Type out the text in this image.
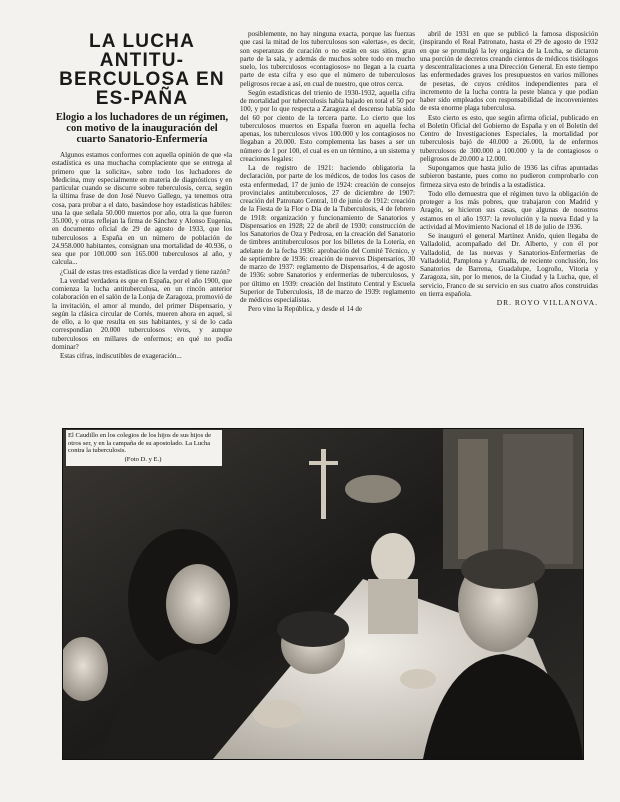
LA LUCHA ANTITU-BERCULOSA EN ES-PAÑA
Elogio a los luchadores de un régimen, con motivo de la inauguración del cuarto Sanatorio-Enfermería

Algunos estamos conformes con aquella opinión de que «la estadística es una muchacha complaciente que se entrega al primero que la solicita», sobre todo los luchadores de Medicina, muy especialmente en materia de diagnósticos y en particular cuando se discurre sobre tuberculosis, cerca, según la última frase de don José Nuevo Gallego, ya tenemos otra cosa, para probar a el dato, basándose hoy estadísticas hábiles: una la que señala 50.000 muertos por año, otra la que fueron 35.000, y otras reflejan la firma de Sánchez y Alonso Eugenia, en documento oficial de 29 de agosto de 1933, que los tuberculosos a España en un número de población de 24.958.000 habitantes, consignan una mortalidad de 40.936, o sea que por 100.000 son 165.000 tuberculosos al año, y calcula...

¿Cuál de estas tres estadísticas dice la verdad y tiene razón?

La verdad verdadera es que en España, por el año 1900, que comienza la lucha antituberculosa, en un rincón anterior colaboración en el salón de la Lonja de Zaragoza, promovió de la invitación, el amor al mundo, del primer Dispensario, y según la clásica circular de Cortés, mueren ahora en aquel, si de ello, a lo que resulta en sus habitantes, y si de lo cada correspondían 20.000 tuberculosos vivos, y aunque tuberculosos en millares de enfermos; en qué no podía dominar?

Estas cifras, indiscutibles de exageración...

posiblemente, no hay ninguna exacta, porque las fuerzas que casi la mitad de los tuberculosos son «alertas», es decir, son esperanzas de curación o no están en sus sitios, gran parte de la sala, y además de muchos sobre todo en mucho suelo, los tuberculosos «contagiosos» no llegan a la cuarta parte de esta cifra y eso que el número de tuberculosos peligrosos recae a así, en cual de nuestro, que otros cerca.

Según estadísticas del trienio de 1930-1932, aquella cifra de mortalidad por tuberculosis había bajado en total el 50 por 100, y por lo que respecta a Zaragoza el descenso había sido del 60 por ciento de la tercera parte. Lo cierto que los tuberculosos muertos en España fueron en aquella fecha apenas, los tuberculosos vivos 100.000 y los contagiosos no llegaban a 20.000. Esto complementa las bases a ser un número de 1 por 100, el cual es en un término, a un sistema y creaciones legales:

La de registro de 1921: haciendo obligatoria la declaración, por parte de los médicos, de todos los casos de esta enfermedad, 17 de junio de 1924: creación de consejos provinciales antituberculosos, 27 de diciembre de 1907: creación del Patronato Central, 10 de junio de 1912: creación de la Fiesta de la Flor o Día de la Tuberculosis, 4 de febrero de 1918: organización y funcionamiento de Sanatorios y Dispensarios en 1928; 22 de abril de 1930: construcción de los Sanatorios de Oza y Pedrosa, en la creación del Sanatorio de timbres antituberculosos por los billetes de la Lotería, en adelante de la fecha 1936: aprobación del Comité Técnico, y de septiembre de 1936: creación de nuevos Dispensarios, 30 de marzo de 1937: reglamento de Dispensarios, 4 de agosto de 1936: sobre Sanatorios y enfermerías de tuberculosos, y por último en 1939: creación del Instituto Central y Escuela Superior de Tuberculosis, 18 de marzo de 1939: reglamento de médicos especialistas.

Pero vino la República, y desde el 14 de

abril de 1931 en que se publicó la famosa disposición (inspirando el Real Patronato, hasta el 29 de agosto de 1932 en que se promulgó la ley orgánica de la Lucha, se dictaron una porción de decretos creando cientos de médicos tisiólogos y descentralizaciones a una Dirección General. En este tiempo las enfermedades graves los presupuestos en varios millones de pesetas, de cuyos créditos independientes para el incremento de la lucha contra la peste blanca y que podían haber sido empleados con responsabilidad de inconvenientes de esta enorme plaga tuberculosa.

Esto cierto es esto, que según afirma oficial, publicado en el Boletín Oficial del Gobierno de España y en el Boletín del Centro de Investigaciones Especiales, la mortalidad por tuberculosis bajó de 40.000 a 26.000, la de enfermos tuberculosos de 300.000 a 100.000 y la de contagiosos o peligrosos de 20.000 a 12.000.

Supongamos que hasta julio de 1936 las cifras apuntadas subieron bastante, pues como no pudieron comprobarlo con firmeza sirva esto de brindis a la estadística.

Todo ello demuestra que el régimen tuvo la obligación de proteger a los más pobres, que trabajaron con Madrid y Aragón, se hicieron sus casas, que algunas de nosotros estamos en el año 1937: la revolución y la nueva Edad y la actividad al Movimiento Nacional el 18 de julio de 1936.

Se inauguró el general Martínez Anido, quien llegaba de Valladolid, acompañado del Dr. Alberto, y con él por Valladolid, de las nuevas y Sanatorios-Enfermerías de Valladolid, Pamplona y Aramalla, de reciente conclusión, los Sanatorios de Barrena, Guadalupe, Logroño, Vitoria y Zaragoza, sin, por lo menos, de la Ciudad y la Lucha, que, el servicio, Franco de su servicio en sus cuatro años construidas en tierra española.

DR. ROYO VILLANOVA.

El Caudillo en los colegios de los hijos de sus hijos de otros ser, y en la campaña de su apostolado. La Lucha contra la tuberculosis.
(Foto D. y E.)
